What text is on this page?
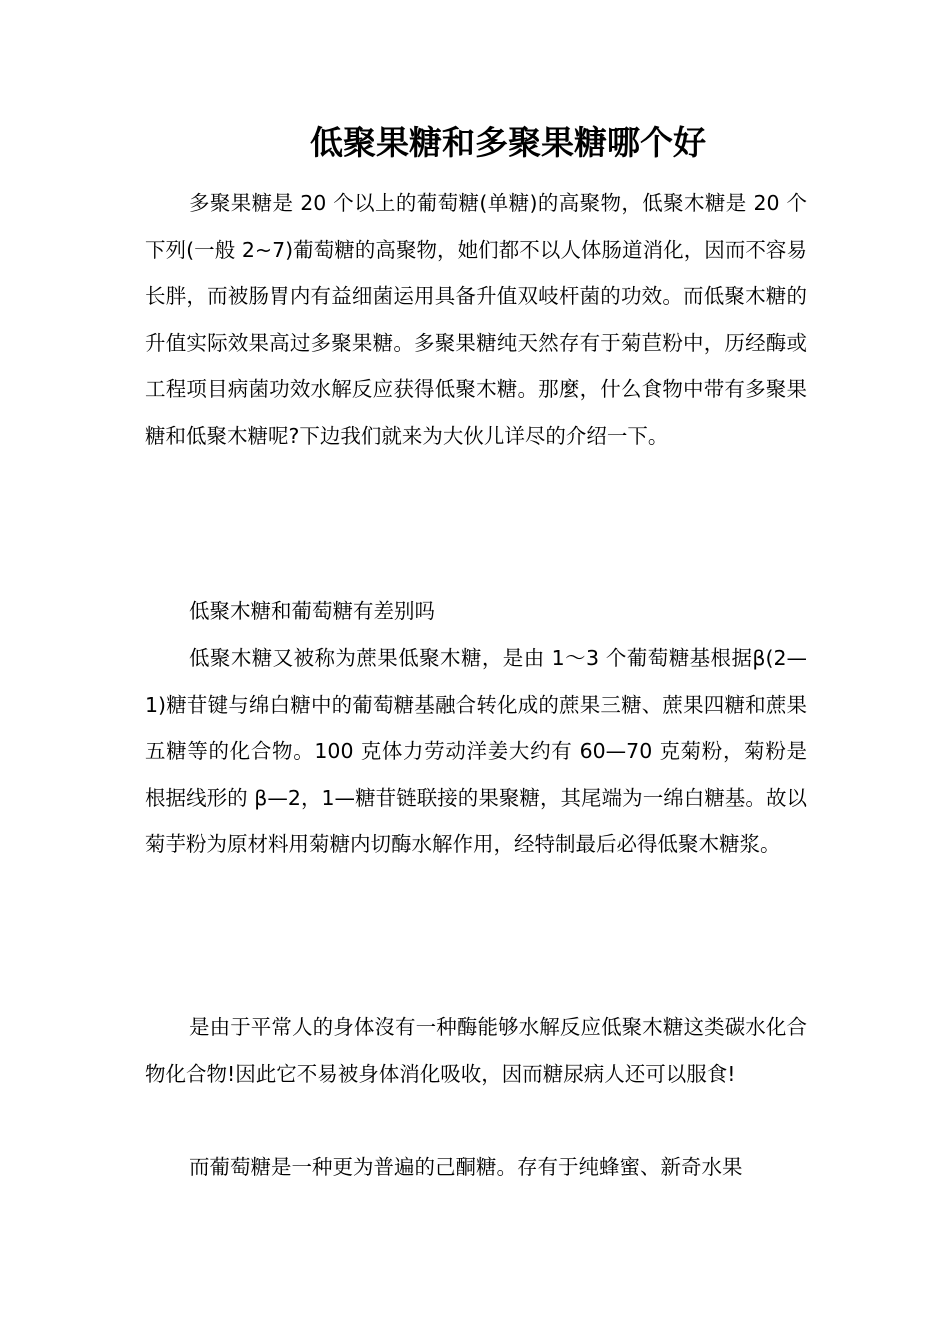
低聚果糖和多聚果糖哪个好

多聚果糖是 20 个以上的葡萄糖(单糖)的高聚物，低聚木糖是 20 个下列(一般 2~7)葡萄糖的高聚物，她们都不以人体肠道消化，因而不容易长胖，而被肠胃内有益细菌运用具备升值双岐杆菌的功效。而低聚木糖的升值实际效果高过多聚果糖。多聚果糖纯天然存有于菊苣粉中，历经酶或工程项目病菌功效水解反应获得低聚木糖。那麼，什么食物中带有多聚果糖和低聚木糖呢?下边我们就来为大伙儿详尽的介绍一下。

低聚木糖和葡萄糖有差别吗

低聚木糖又被称为蔗果低聚木糖，是由 1～3 个葡萄糖基根据β(2—1)糖苷键与绵白糖中的葡萄糖基融合转化成的蔗果三糖、蔗果四糖和蔗果五糖等的化合物。100 克体力劳动洋姜大约有 60—70 克菊粉，菊粉是根据线形的 β—2，1—糖苷链联接的果聚糖，其尾端为一绵白糖基。故以菊芋粉为原材料用菊糖内切酶水解作用，经特制最后必得低聚木糖浆。

是由于平常人的身体沒有一种酶能够水解反应低聚木糖这类碳水化合物化合物!因此它不易被身体消化吸收，因而糖尿病人还可以服食!

而葡萄糖是一种更为普遍的己酮糖。存有于纯蜂蜜、新奇水果
